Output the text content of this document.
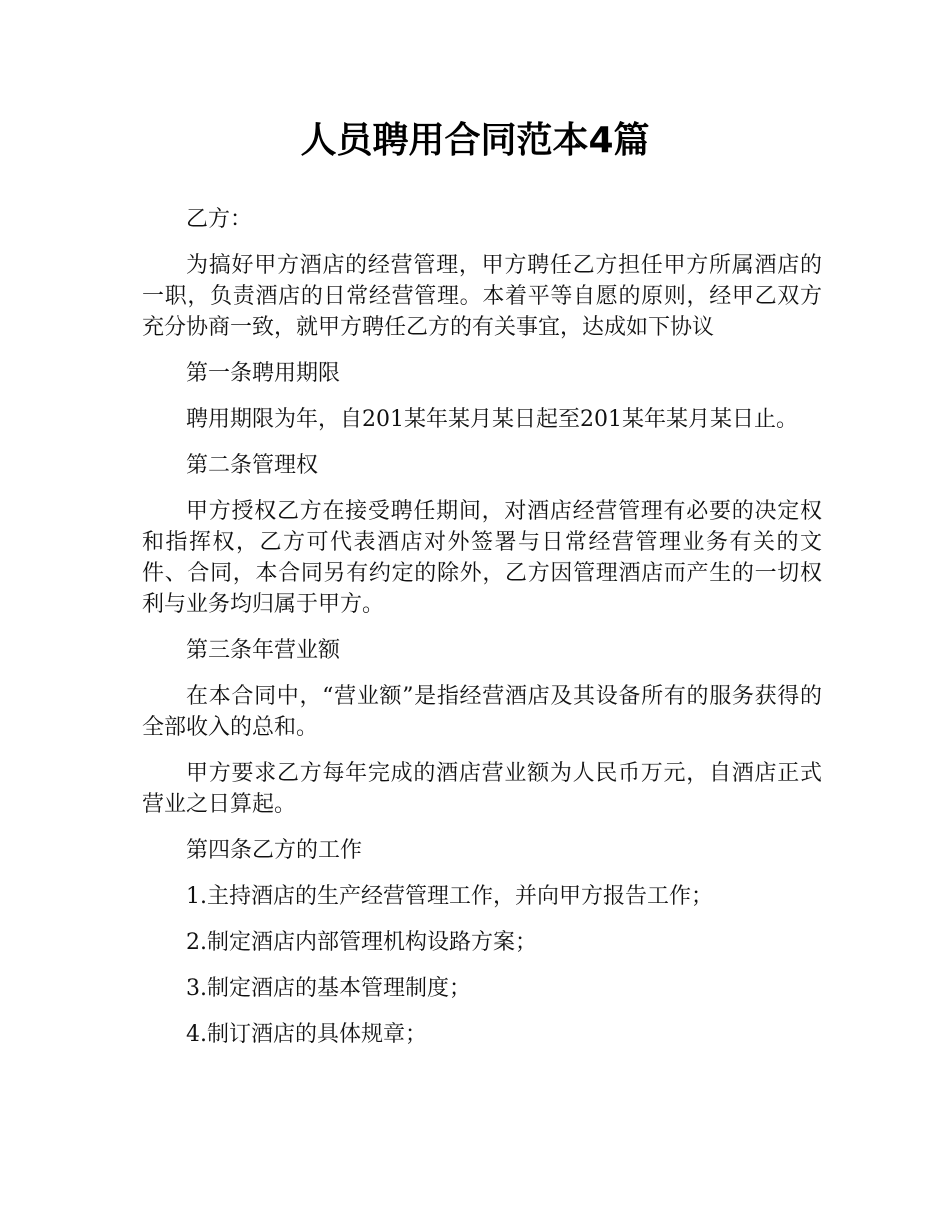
人员聘用合同范本4篇

乙方：

为搞好甲方酒店的经营管理，甲方聘任乙方担任甲方所属酒店的一职，负责酒店的日常经营管理。本着平等自愿的原则，经甲乙双方充分协商一致，就甲方聘任乙方的有关事宜，达成如下协议

第一条聘用期限

聘用期限为年，自201某年某月某日起至201某年某月某日止。

第二条管理权

甲方授权乙方在接受聘任期间，对酒店经营管理有必要的决定权和指挥权，乙方可代表酒店对外签署与日常经营管理业务有关的文件、合同，本合同另有约定的除外，乙方因管理酒店而产生的一切权利与业务均归属于甲方。

第三条年营业额

在本合同中，“营业额”是指经营酒店及其设备所有的服务获得的全部收入的总和。

甲方要求乙方每年完成的酒店营业额为人民币万元，自酒店正式营业之日算起。

第四条乙方的工作

1.主持酒店的生产经营管理工作，并向甲方报告工作；

2.制定酒店内部管理机构设路方案；

3.制定酒店的基本管理制度；

4.制订酒店的具体规章；
